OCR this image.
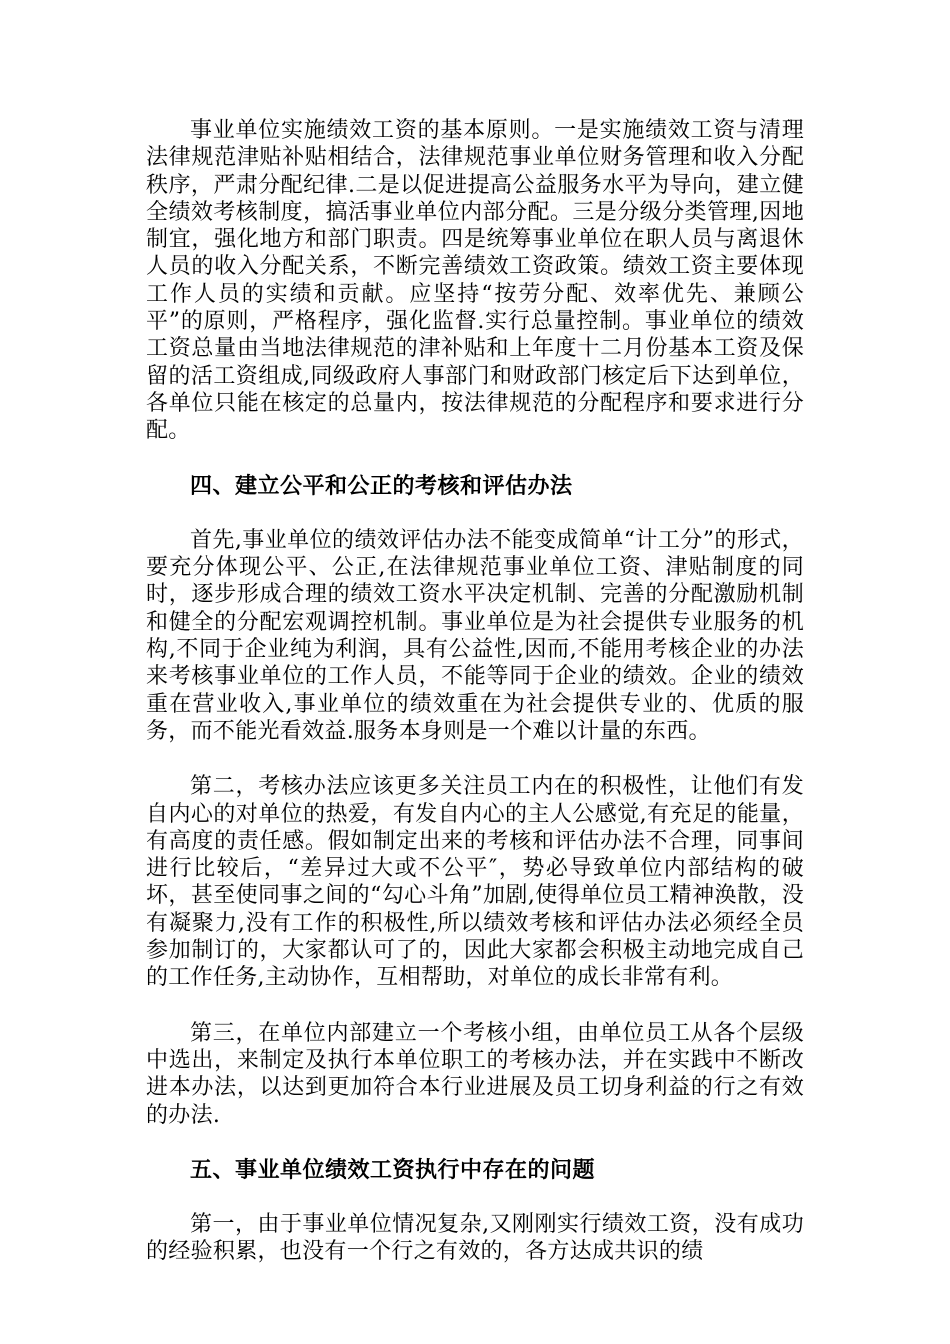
事业单位实施绩效工资的基本原则。一是实施绩效工资与清理法律规范津贴补贴相结合，法律规范事业单位财务管理和收入分配秩序，严肃分配纪律.二是以促进提高公益服务水平为导向，建立健全绩效考核制度，搞活事业单位内部分配。三是分级分类管理,因地制宜，强化地方和部门职责。四是统筹事业单位在职人员与离退休人员的收入分配关系，不断完善绩效工资政策。绩效工资主要体现工作人员的实绩和贡献。应坚持“按劳分配、效率优先、兼顾公平”的原则，严格程序，强化监督.实行总量控制。事业单位的绩效工资总量由当地法律规范的津补贴和上年度十二月份基本工资及保留的活工资组成,同级政府人事部门和财政部门核定后下达到单位，各单位只能在核定的总量内，按法律规范的分配程序和要求进行分配。

四、建立公平和公正的考核和评估办法

首先,事业单位的绩效评估办法不能变成简单“计工分”的形式，要充分体现公平、公正,在法律规范事业单位工资、津贴制度的同时，逐步形成合理的绩效工资水平决定机制、完善的分配激励机制和健全的分配宏观调控机制。事业单位是为社会提供专业服务的机构,不同于企业纯为利润，具有公益性,因而,不能用考核企业的办法来考核事业单位的工作人员，不能等同于企业的绩效。企业的绩效重在营业收入,事业单位的绩效重在为社会提供专业的、优质的服务，而不能光看效益.服务本身则是一个难以计量的东西。

第二，考核办法应该更多关注员工内在的积极性，让他们有发自内心的对单位的热爱，有发自内心的主人公感觉,有充足的能量，有高度的责任感。假如制定出来的考核和评估办法不合理，同事间进行比较后，“差异过大或不公平″，势必导致单位内部结构的破坏，甚至使同事之间的“勾心斗角”加剧,使得单位员工精神涣散，没有凝聚力,没有工作的积极性,所以绩效考核和评估办法必须经全员参加制订的，大家都认可了的，因此大家都会积极主动地完成自己的工作任务,主动协作，互相帮助，对单位的成长非常有利。

第三，在单位内部建立一个考核小组，由单位员工从各个层级中选出，来制定及执行本单位职工的考核办法，并在实践中不断改进本办法，以达到更加符合本行业进展及员工切身利益的行之有效的办法.

五、事业单位绩效工资执行中存在的问题

第一，由于事业单位情况复杂,又刚刚实行绩效工资，没有成功的经验积累，也没有一个行之有效的，各方达成共识的绩
